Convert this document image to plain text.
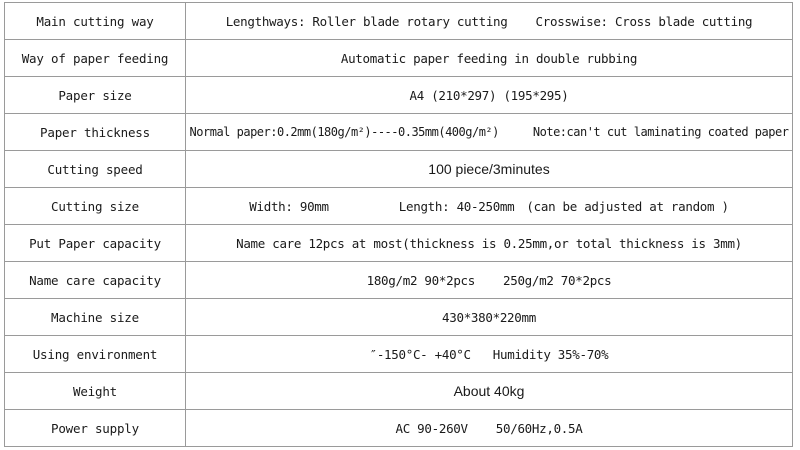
Main cutting way	Lengthways: Roller blade rotary cutting Crosswise: Cross blade cutting
Way of paper feeding	Automatic paper feeding in double rubbing
Paper size	A4 (210*297) (195*295)
Paper thickness	Normal paper:0.2mm(180g/m²)----0.35mm(400g/m²) Note:can't cut laminating coated paper
Cutting speed	100 piece/3minutes
Cutting size	Width: 90mm Length: 40-250mm (can be adjusted at random )
Put Paper capacity	Name care 12pcs at most(thickness is 0.25mm,or total thickness is 3mm)
Name care capacity	180g/m2 90*2pcs 250g/m2 70*2pcs
Machine size	430*380*220mm
Using environment	″-150°C- +40°C Humidity 35%-70%
Weight	About 40kg
Power supply	AC 90-260V 50/60Hz,0.5A
